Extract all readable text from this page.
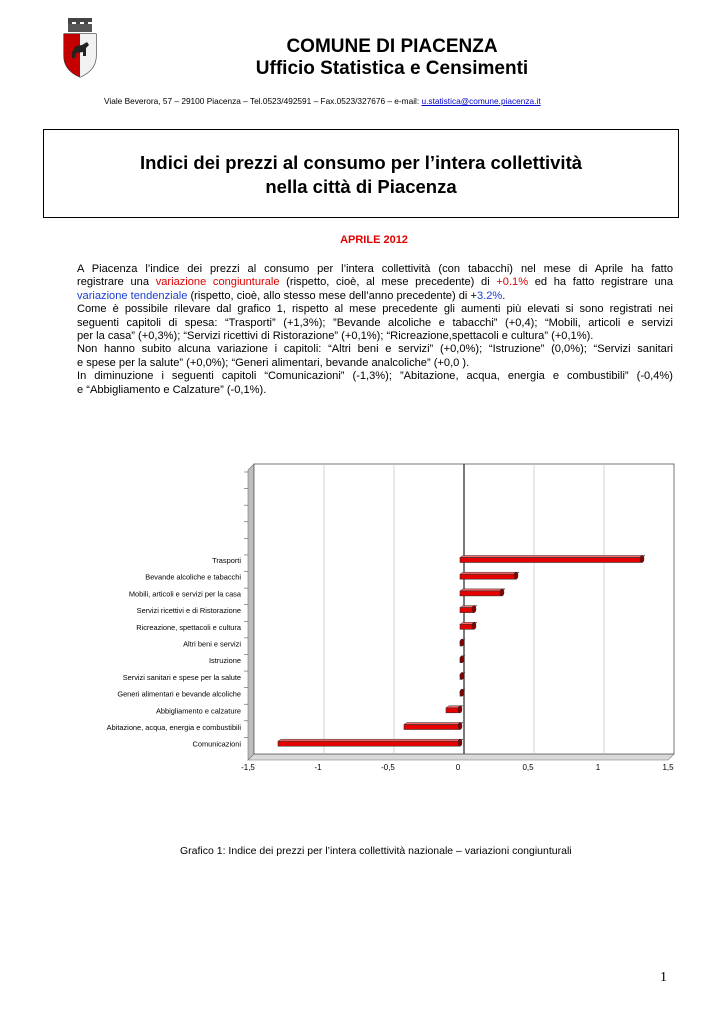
COMUNE DI PIACENZA
Ufficio Statistica e Censimenti
Viale Beverora, 57 – 29100 Piacenza – Tel.0523/492591 – Fax.0523/327676 – e-mail: u.statistica@comune.piacenza.it
Indici dei prezzi al consumo per l’intera collettività
nella città di Piacenza
APRILE 2012

A Piacenza l’indice dei prezzi al consumo per l’intera collettività (con tabacchi) nel mese di Aprile ha fatto

registrare una variazione congiunturale (rispetto, cioè, al mese precedente) di +0.1% ed ha fatto registrare una

variazione tendenziale (rispetto, cioè, allo stesso mese dell’anno precedente) di +3.2%.

Come è possibile rilevare dal grafico 1, rispetto al mese precedente gli aumenti più elevati si sono registrati nei

seguenti capitoli di spesa: “Trasporti” (+1,3%); ”Bevande alcoliche e tabacchi” (+0,4); “Mobili, articoli e servizi

per la casa” (+0,3%); “Servizi ricettivi di Ristorazione” (+0,1%); “Ricreazione,spettacoli e cultura” (+0,1%).

Non hanno subito alcuna variazione i capitoli: “Altri beni e servizi” (+0,0%); “Istruzione” (0,0%); “Servizi sanitari

e spese per la salute” (+0,0%); “Generi alimentari, bevande analcoliche” (+0,0 ).

In diminuzione i seguenti capitoli “Comunicazioni” (-1,3%); ”Abitazione, acqua, energia e combustibili” (-0,4%)

e “Abbigliamento e Calzature” (-0,1%).

-1,5	-1	-0,5	0	0,5	1	1,5
Trasporti
Bevande alcoliche e tabacchi
Mobili, articoli e servizi per la casa
Servizi ricettivi e di Ristorazione
Ricreazione, spettacoli e cultura
Altri beni e servizi
Istruzione
Servizi sanitari e spese per la salute
Generi alimentari e bevande alcoliche
Abbigliamento e calzature
Abitazione, acqua, energia e combustibili
Comunicazioni
Grafico 1: Indice dei prezzi per l’intera collettività nazionale – variazioni congiunturali
1
